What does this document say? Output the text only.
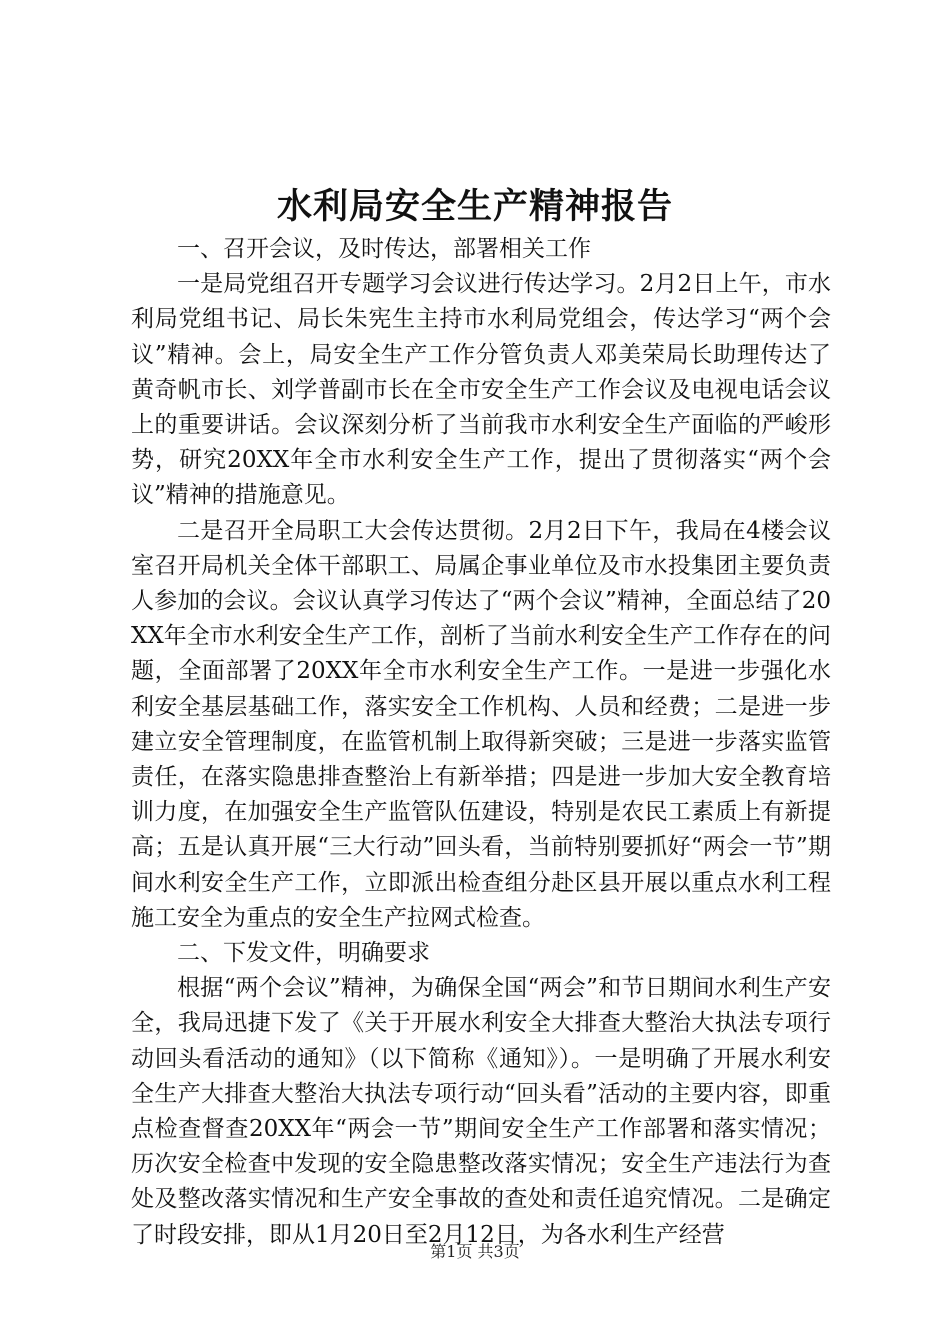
水利局安全生产精神报告

一、召开会议，及时传达，部署相关工作

一是局党组召开专题学习会议进行传达学习。2月2日上午，市水利局党组书记、局长朱宪生主持市水利局党组会，传达学习“两个会议”精神。会上，局安全生产工作分管负责人邓美荣局长助理传达了黄奇帆市长、刘学普副市长在全市安全生产工作会议及电视电话会议上的重要讲话。会议深刻分析了当前我市水利安全生产面临的严峻形势，研究20XX年全市水利安全生产工作，提出了贯彻落实“两个会议”精神的措施意见。

二是召开全局职工大会传达贯彻。2月2日下午，我局在4楼会议室召开局机关全体干部职工、局属企事业单位及市水投集团主要负责人参加的会议。会议认真学习传达了“两个会议”精神，全面总结了20XX年全市水利安全生产工作，剖析了当前水利安全生产工作存在的问题，全面部署了20XX年全市水利安全生产工作。一是进一步强化水利安全基层基础工作，落实安全工作机构、人员和经费；二是进一步建立安全管理制度，在监管机制上取得新突破；三是进一步落实监管责任，在落实隐患排查整治上有新举措；四是进一步加大安全教育培训力度，在加强安全生产监管队伍建设，特别是农民工素质上有新提高；五是认真开展“三大行动”回头看，当前特别要抓好“两会一节”期间水利安全生产工作，立即派出检查组分赴区县开展以重点水利工程施工安全为重点的安全生产拉网式检查。

二、下发文件，明确要求

根据“两个会议”精神，为确保全国“两会”和节日期间水利生产安全，我局迅捷下发了《关于开展水利安全大排查大整治大执法专项行动回头看活动的通知》（以下简称《通知》）。一是明确了开展水利安全生产大排查大整治大执法专项行动“回头看”活动的主要内容，即重点检查督查20XX年“两会一节”期间安全生产工作部署和落实情况；历次安全检查中发现的安全隐患整改落实情况；安全生产违法行为查处及整改落实情况和生产安全事故的查处和责任追究情况。二是确定了时段安排，即从1月20日至2月12日，为各水利生产经营

第1页 共3页
